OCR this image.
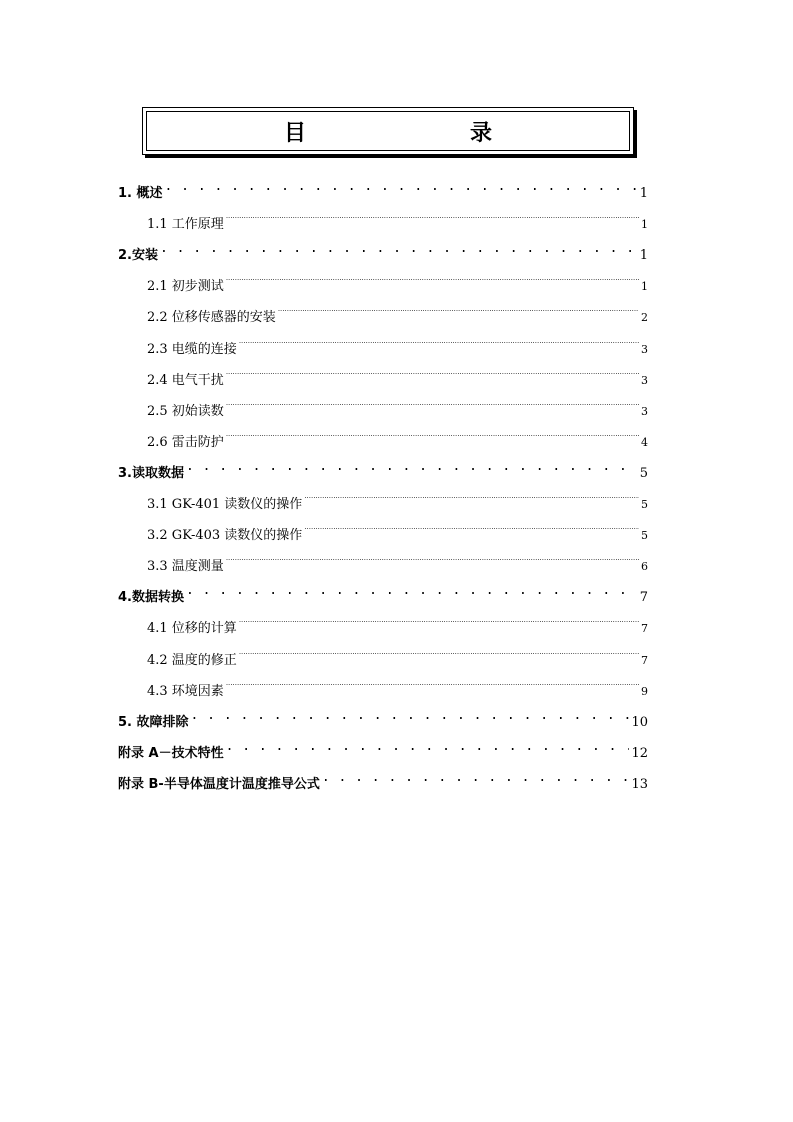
目　　录
1. 概述 . . .	1
1.1 工作原理 .....	1
2.安装 . . .	1
2.1 初步测试 .....	1
2.2 位移传感器的安装 .....	2
2.3 电缆的连接 .....	3
2.4 电气干扰 .....	3
2.5 初始读数 .....	3
2.6 雷击防护 .....	4
3.读取数据 . . .	5
3.1 GK-401 读数仪的操作 .....	5
3.2 GK-403 读数仪的操作 .....	5
3.3 温度测量 .....	6
4.数据转换 . . .	7
4.1 位移的计算 .....	7
4.2 温度的修正 .....	7
4.3 环境因素 .....	9
5. 故障排除 . . .	10
附录 A－技术特性 . . .	12
附录 B-半导体温度计温度推导公式 . . .	13
